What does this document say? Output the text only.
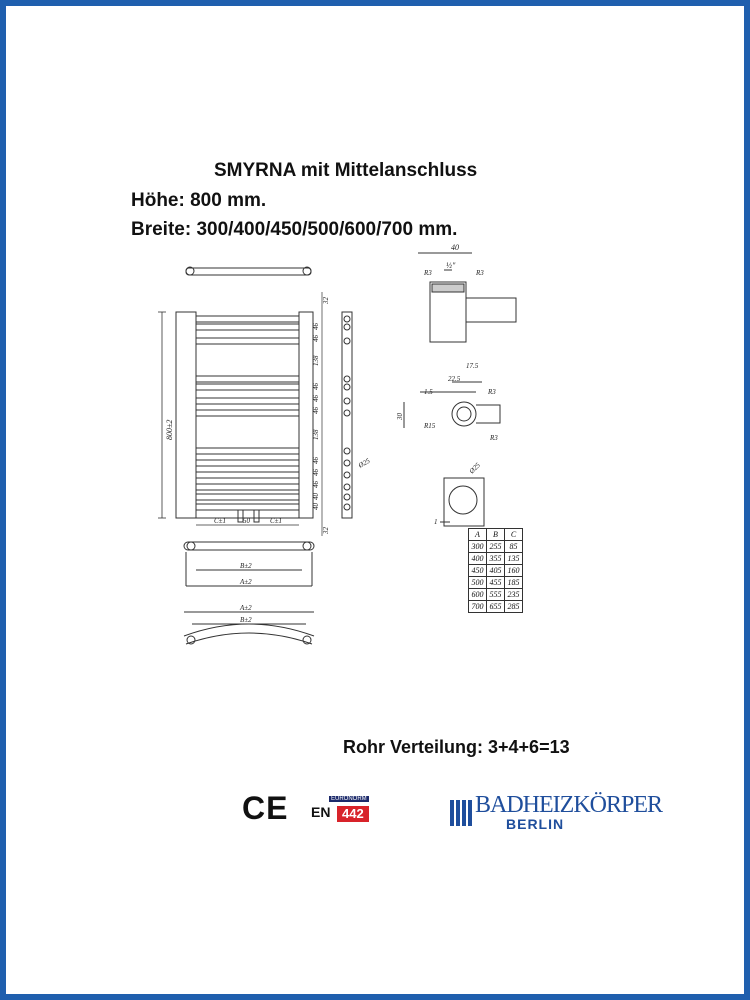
SMYRNA mit Mittelanschluss
Höhe: 800 mm.
Breite: 300/400/450/500/600/700 mm.
800±2
C±1 50	C±1
32
32
46
46
138
46
46
46
138
46
46
46
40
40
Ø25
40
½"
R3	R3
17.5
22.5
1.5
30
R3
R15
R3
Ø25
1
B±2
A±2
A±2
B±2
A	B	C
300	255	85
400	355	135
450	405	160
500	455	185
600	555	235
700	655	285
Rohr Verteilung: 3+4+6=13
CE	EURONORM
EN 442	BADHEIZKÖRPER
BERLIN
